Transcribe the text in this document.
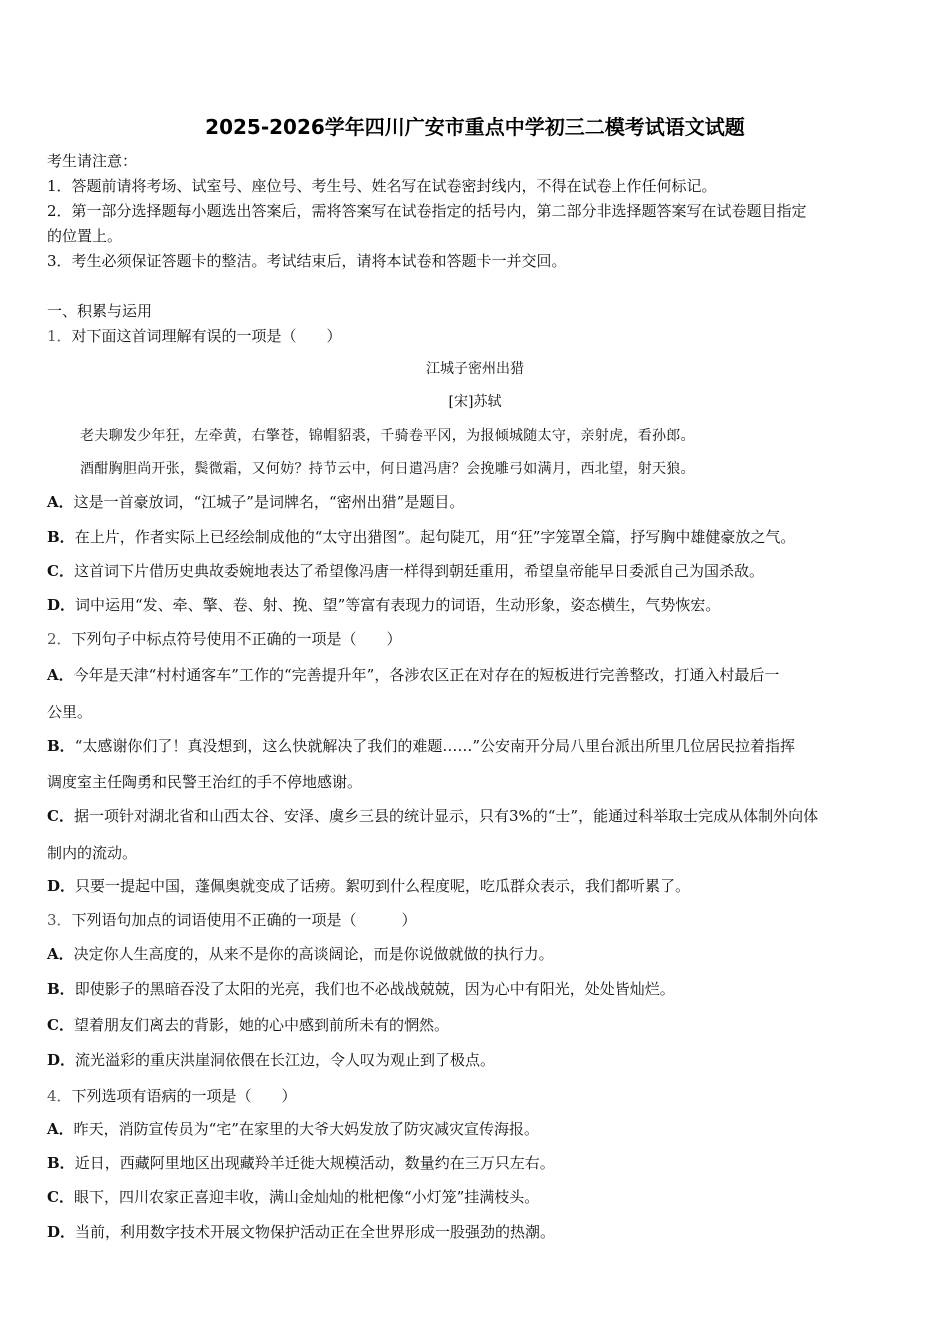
2025-2026学年四川广安市重点中学初三二模考试语文试题
考生请注意：
1．答题前请将考场、试室号、座位号、考生号、姓名写在试卷密封线内，不得在试卷上作任何标记。
2．第一部分选择题每小题选出答案后，需将答案写在试卷指定的括号内，第二部分非选择题答案写在试卷题目指定
的位置上。
3．考生必须保证答题卡的整洁。考试结束后，请将本试卷和答题卡一并交回。
一、积累与运用
1．对下面这首词理解有误的一项是（　　）
江城子密州出猎
[宋]苏轼
老夫聊发少年狂，左牵黄，右擎苍，锦帽貂裘，千骑卷平冈，为报倾城随太守，亲射虎，看孙郎。
酒酣胸胆尚开张，鬓微霜，又何妨？持节云中，何日遣冯唐？会挽雕弓如满月，西北望，射天狼。
A．这是一首豪放词，“江城子”是词牌名，“密州出猎”是题目。
B．在上片，作者实际上已经绘制成他的“太守出猎图”。起句陡兀，用“狂”字笼罩全篇，抒写胸中雄健豪放之气。
C．这首词下片借历史典故委婉地表达了希望像冯唐一样得到朝廷重用，希望皇帝能早日委派自己为国杀敌。
D．词中运用“发、牵、擎、卷、射、挽、望”等富有表现力的词语，生动形象，姿态横生，气势恢宏。
2．下列句子中标点符号使用不正确的一项是（　　）
A．今年是天津“村村通客车”工作的“完善提升年”，各涉农区正在对存在的短板进行完善整改，打通入村最后一
公里。
B．“太感谢你们了！真没想到，这么快就解决了我们的难题……”公安南开分局八里台派出所里几位居民拉着指挥
调度室主任陶勇和民警王治红的手不停地感谢。
C．据一项针对湖北省和山西太谷、安泽、虞乡三县的统计显示，只有3%的“士”，能通过科举取士完成从体制外向体
制内的流动。
D．只要一提起中国，蓬佩奥就变成了话痨。絮叨到什么程度呢，吃瓜群众表示，我们都听累了。
3．下列语句加点的词语使用不正确的一项是（　　　）
A．决定你人生高度的，从来不是你的高谈阔论，而是你说做就做的执行力。
B．即使影子的黑暗吞没了太阳的光亮，我们也不必战战兢兢，因为心中有阳光，处处皆灿烂。
C．望着朋友们离去的背影，她的心中感到前所未有的惘然。
D．流光溢彩的重庆洪崖洞依偎在长江边，令人叹为观止到了极点。
4．下列选项有语病的一项是（　　）
A．昨天，消防宣传员为“宅”在家里的大爷大妈发放了防灾减灾宣传海报。
B．近日，西藏阿里地区出现藏羚羊迁徙大规模活动，数量约在三万只左右。
C．眼下，四川农家正喜迎丰收，满山金灿灿的枇杷像“小灯笼”挂满枝头。
D．当前，利用数字技术开展文物保护活动正在全世界形成一股强劲的热潮。
